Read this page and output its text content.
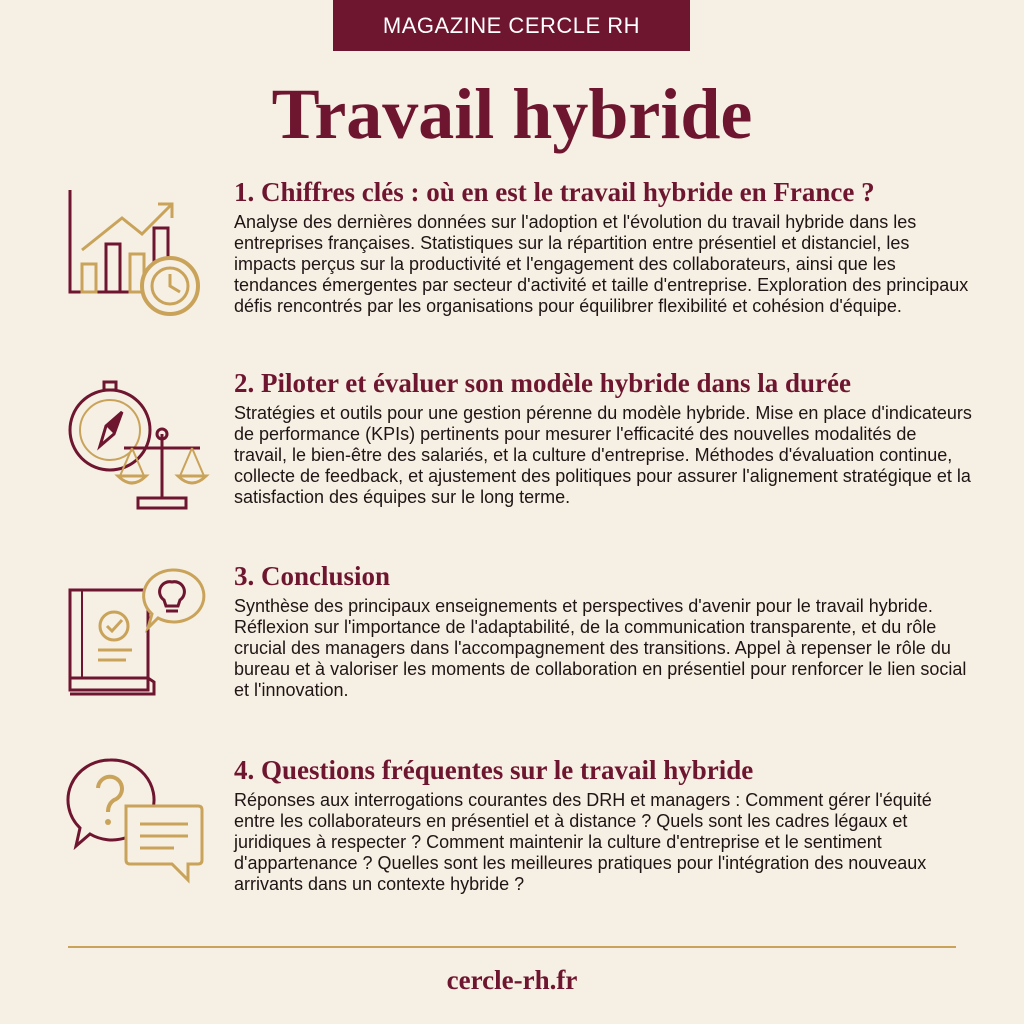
MAGAZINE CERCLE RH
Travail hybride
1. Chiffres clés : où en est le travail hybride en France ?

Analyse des dernières données sur l'adoption et l'évolution du travail hybride dans les entreprises françaises. Statistiques sur la répartition entre présentiel et distanciel, les impacts perçus sur la productivité et l'engagement des collaborateurs, ainsi que les tendances émergentes par secteur d'activité et taille d'entreprise. Exploration des principaux défis rencontrés par les organisations pour équilibrer flexibilité et cohésion d'équipe.

2. Piloter et évaluer son modèle hybride dans la durée

Stratégies et outils pour une gestion pérenne du modèle hybride. Mise en place d'indicateurs de performance (KPIs) pertinents pour mesurer l'efficacité des nouvelles modalités de travail, le bien-être des salariés, et la culture d'entreprise. Méthodes d'évaluation continue, collecte de feedback, et ajustement des politiques pour assurer l'alignement stratégique et la satisfaction des équipes sur le long terme.

3. Conclusion

Synthèse des principaux enseignements et perspectives d'avenir pour le travail hybride. Réflexion sur l'importance de l'adaptabilité, de la communication transparente, et du rôle crucial des managers dans l'accompagnement des transitions. Appel à repenser le rôle du bureau et à valoriser les moments de collaboration en présentiel pour renforcer le lien social et l'innovation.

4. Questions fréquentes sur le travail hybride

Réponses aux interrogations courantes des DRH et managers : Comment gérer l'équité entre les collaborateurs en présentiel et à distance ? Quels sont les cadres légaux et juridiques à respecter ? Comment maintenir la culture d'entreprise et le sentiment d'appartenance ? Quelles sont les meilleures pratiques pour l'intégration des nouveaux arrivants dans un contexte hybride ?

cercle-rh.fr
